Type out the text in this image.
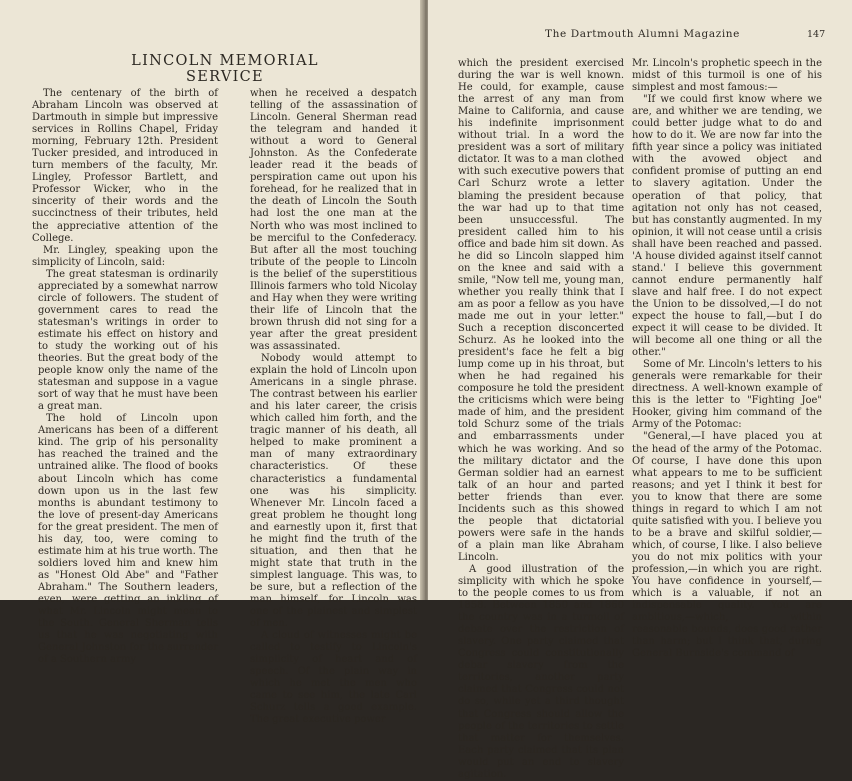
LINCOLN MEMORIAL SERVICE

The centenary of the birth of Abraham Lincoln was observed at Dartmouth in simple but impressive services in Rollins Chapel, Friday morning, February 12th. President Tucker presided, and introduced in turn members of the faculty, Mr. Lingley, Professor Bartlett, and Professor Wicker, who in the sincerity of their words and the succinctness of their tributes, held the appreciative attention of the College.

Mr. Lingley, speaking upon the simplicity of Lincoln, said:

The great statesman is ordinarily appreciated by a somewhat narrow circle of followers. The student of government cares to read the statesman's writings in order to estimate his effect on history and to study the working out of his theories. But the great body of the people know only the name of the statesman and suppose in a vague sort of way that he must have been a great man.

The hold of Lincoln upon Americans has been of a different kind. The grip of his personality has reached the trained and the untrained alike. The flood of books about Lincoln which has come down upon us in the last few months is abundant testimony to the love of present-day Americans for the great president. The men of his day, too, were coming to estimate him at his true worth. The soldiers loved him and knew him as "Honest Old Abe" and "Father Abraham." The Southern leaders, even, were getting an inkling of what Mr. Lincoln might mean to the South. General Sherman tells us that he was negotiating with General Johnston for the surrender of a Southern army

when he received a despatch telling of the assassination of Lincoln. General Sherman read the telegram and handed it without a word to General Johnston. As the Confederate leader read it the beads of perspiration came out upon his forehead, for he realized that in the death of Lincoln the South had lost the one man at the North who was most inclined to be merciful to the Confederacy. But after all the most touching tribute of the people to Lincoln is the belief of the superstitious Illinois farmers who told Nicolay and Hay when they were writing their life of Lincoln that the brown thrush did not sing for a year after the great president was assassinated.

Nobody would attempt to explain the hold of Lincoln upon Americans in a single phrase. The contrast between his earlier and his later career, the crisis which called him forth, and the tragic manner of his death, all helped to make prominent a man of many extraordinary characteristics. Of these characteristics a fundamental one was his simplicity. Whenever Mr. Lincoln faced a great problem he thought long and earnestly upon it, first that he might find the truth of the situation, and then that he might state that truth in the simplest language. This was, to be sure, but a reflection of the man himself, for Lincoln was one of the plainest and simplest of men.

A cloud of witnesses might be called to testify to Lincoln's simplicity of heart and of speech. Of the plain way in which he met the men who came to see him, the late Carl Schurz tells a good example. The great executive power

The Dartmouth Alumni Magazine	147

which the president exercised during the war is well known. He could, for example, cause the arrest of any man from Maine to California, and cause his indefinite imprisonment without trial. In a word the president was a sort of military dictator. It was to a man clothed with such executive powers that Carl Schurz wrote a letter blaming the president because the war had up to that time been unsuccessful. The president called him to his office and bade him sit down. As he did so Lincoln slapped him on the knee and said with a smile, "Now tell me, young man, whether you really think that I am as poor a fellow as you have made me out in your letter." Such a reception disconcerted Schurz. As he looked into the president's face he felt a big lump come up in his throat, but when he had regained his composure he told the president the criticisms which were being made of him, and the president told Schurz some of the trials and embarrassments under which he was working. And so the military dictator and the German soldier had an earnest talk of an hour and parted better friends than ever. Incidents such as this showed the people that dictatorial powers were safe in the hands of a plain man like Abraham Lincoln.

A good illustration of the simplicity with which he spoke to the people comes to us from 1858. Between 1850 and 1860 the country was in a turmoil of debate over the restriction of slavery. One party claimed that Congress could constitutionally debar slavery from the territories, another party claimed that Congress could not do so, while yet a third thought that Congress should allow the people of the territories to settle that matter for themselves. Each party claimed that its plan would put an end to slavery agitation.

Mr. Lincoln's prophetic speech in the midst of this turmoil is one of his simplest and most famous:—

"If we could first know where we are, and whither we are tending, we could better judge what to do and how to do it. We are now far into the fifth year since a policy was initiated with the avowed object and confident promise of putting an end to slavery agitation. Under the operation of that policy, that agitation not only has not ceased, but has constantly augmented. In my opinion, it will not cease until a crisis shall have been reached and passed. 'A house divided against itself cannot stand.' I believe this government cannot endure permanently half slave and half free. I do not expect the Union to be dissolved,—I do not expect the house to fall,—but I do expect it will cease to be divided. It will become all one thing or all the other."

Some of Mr. Lincoln's letters to his generals were remarkable for their directness. A well-known example of this is the letter to "Fighting Joe" Hooker, giving him command of the Army of the Potomac:

"General,—I have placed you at the head of the army of the Potomac. Of course, I have done this upon what appears to me to be sufficient reasons; and yet I think it best for you to know that there are some things in regard to which I am not quite satisfied with you. I believe you to be a brave and skilful soldier,—which, of course, I like. I also believe you do not mix politics with your profession,—in which you are right. You have confidence in yourself,—which is a valuable, if not an indispensable quality. You are ambitious,—which, within reasonable bounds, does good rather than harm; but I think that, during General Burnside's command of
